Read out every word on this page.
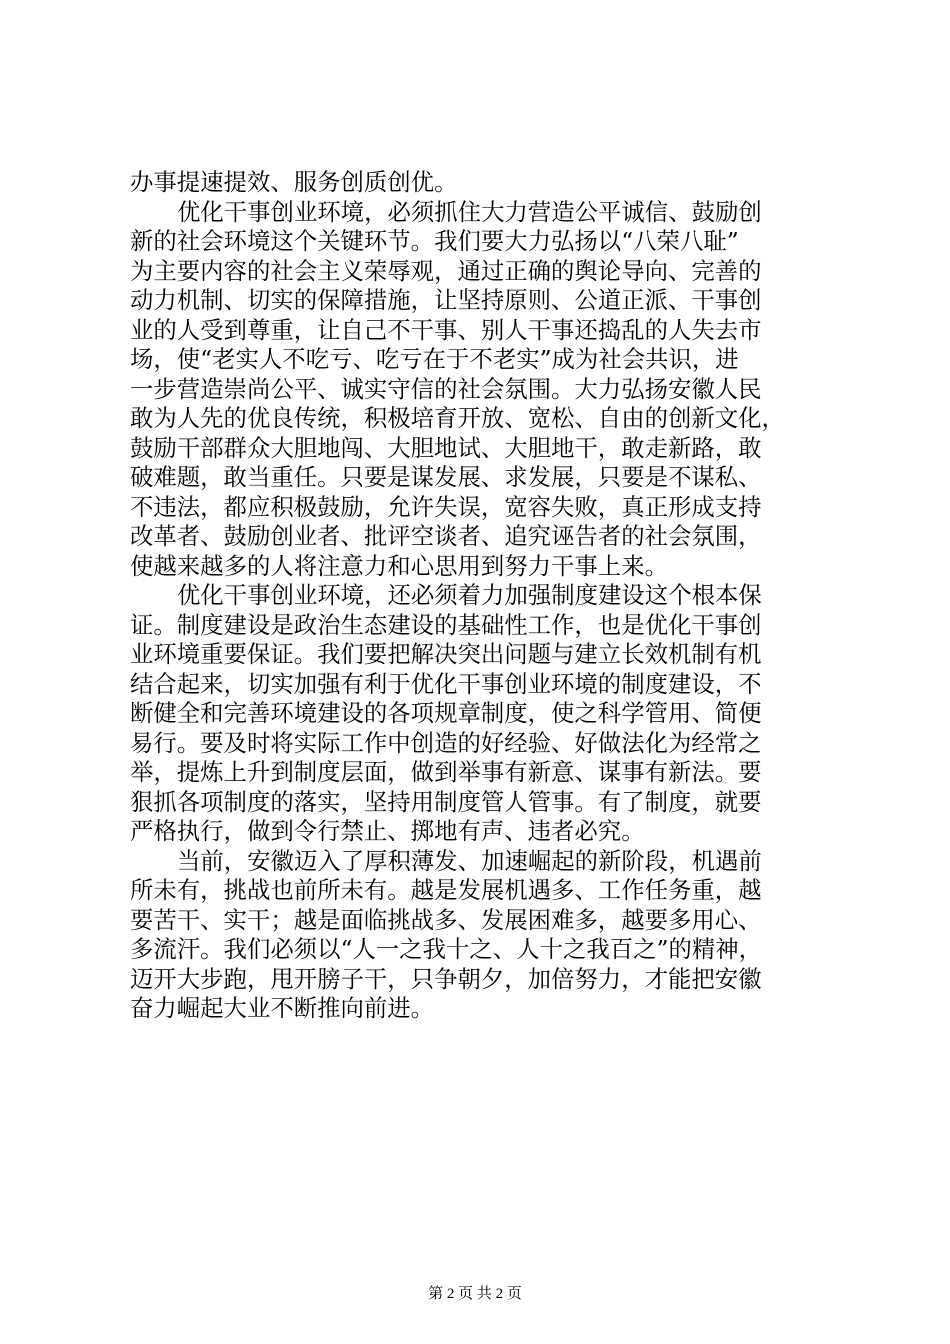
办事提速提效、服务创质创优。
优化干事创业环境，必须抓住大力营造公平诚信、鼓励创
新的社会环境这个关键环节。我们要大力弘扬以“八荣八耻”
为主要内容的社会主义荣辱观，通过正确的舆论导向、完善的
动力机制、切实的保障措施，让坚持原则、公道正派、干事创
业的人受到尊重，让自己不干事、别人干事还捣乱的人失去市
场，使“老实人不吃亏、吃亏在于不老实”成为社会共识，进
一步营造崇尚公平、诚实守信的社会氛围。大力弘扬安徽人民
敢为人先的优良传统，积极培育开放、宽松、自由的创新文化，
鼓励干部群众大胆地闯、大胆地试、大胆地干，敢走新路，敢
破难题，敢当重任。只要是谋发展、求发展，只要是不谋私、
不违法，都应积极鼓励，允许失误，宽容失败，真正形成支持
改革者、鼓励创业者、批评空谈者、追究诬告者的社会氛围，
使越来越多的人将注意力和心思用到努力干事上来。
优化干事创业环境，还必须着力加强制度建设这个根本保
证。制度建设是政治生态建设的基础性工作，也是优化干事创
业环境重要保证。我们要把解决突出问题与建立长效机制有机
结合起来，切实加强有利于优化干事创业环境的制度建设，不
断健全和完善环境建设的各项规章制度，使之科学管用、简便
易行。要及时将实际工作中创造的好经验、好做法化为经常之
举，提炼上升到制度层面，做到举事有新意、谋事有新法。要
狠抓各项制度的落实，坚持用制度管人管事。有了制度，就要
严格执行，做到令行禁止、掷地有声、违者必究。
当前，安徽迈入了厚积薄发、加速崛起的新阶段，机遇前
所未有，挑战也前所未有。越是发展机遇多、工作任务重，越
要苦干、实干；越是面临挑战多、发展困难多，越要多用心、
多流汗。我们必须以“人一之我十之、人十之我百之”的精神，
迈开大步跑，甩开膀子干，只争朝夕，加倍努力，才能把安徽
奋力崛起大业不断推向前进。
第 2 页 共 2 页
